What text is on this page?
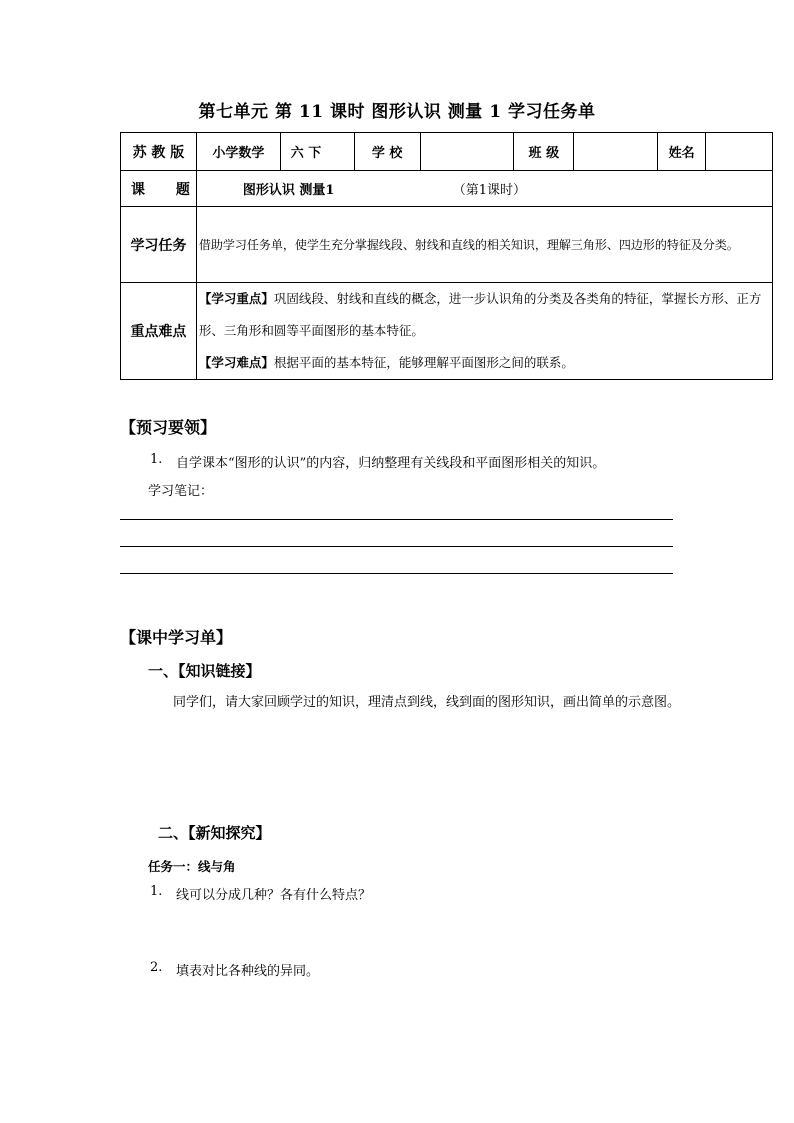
第七单元 第 11 课时 图形认识 测量 1 学习任务单
苏 教 版	小学数学	六 下	学 校		班 级		姓名	
课 题	图形认识 测量1 （第1课时）							
学习任务	借助学习任务单，使学生充分掌握线段、射线和直线的相关知识，理解三角形、四边形的特征及分类。							
重点难点	【学习重点】巩固线段、射线和直线的概念，进一步认识角的分类及各类角的特征，掌握长方形、正方形、三角形和圆等平面图形的基本特征。
【学习难点】根据平面的基本特征，能够理解平面图形之间的联系。							
【预习要领】
1. 自学课本“图形的认识”的内容，归纳整理有关线段和平面图形相关的知识。
学习笔记：
【课中学习单】
一、【知识链接】
同学们，请大家回顾学过的知识，理清点到线，线到面的图形知识，画出简单的示意图。
二、【新知探究】
任务一：线与角
1. 线可以分成几种？各有什么特点？
2. 填表对比各种线的异同。
